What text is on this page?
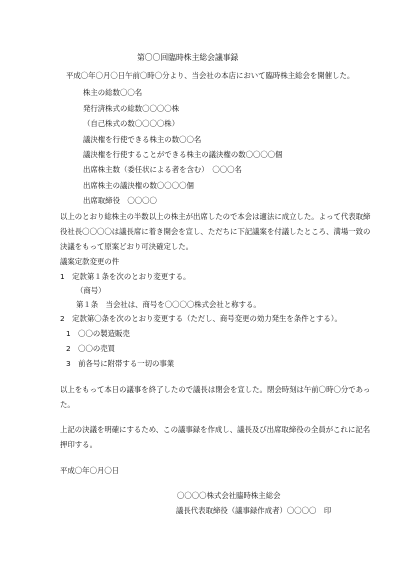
第〇〇回臨時株主総会議事録
平成〇年〇月〇日午前〇時〇分より、当会社の本店において臨時株主総会を開催した。
株主の総数〇〇名
発行済株式の総数〇〇〇〇株
（自己株式の数〇〇〇〇株）
議決権を行使できる株主の数〇〇名
議決権を行使することができる株主の議決権の数〇〇〇〇個
出席株主数（委任状による者を含む）　〇〇〇名
出席株主の議決権の数〇〇〇〇個
出席取締役　〇〇〇〇
以上のとおり総株主の半数以上の株主が出席したので本会は適法に成立した。よって代表取締
役社長〇〇〇〇は議長席に着き開会を宣し、ただちに下記議案を付議したところ、満場一致の
決議をもって原案どおり可決確定した。
議案定款変更の件
1　定款第１条を次のとおり変更する。
（商号）
第１条　当会社は、商号を〇〇〇〇株式会社と称する。
2　定款第〇条を次のとおり変更する（ただし、商号変更の効力発生を条件とする）。
1　〇〇の製造販売
2　〇〇の売買
3　前各号に附帯する一切の事業
以上をもって本日の議事を終了したので議長は閉会を宣した。閉会時刻は午前〇時〇分であっ
た。
上記の決議を明確にするため、この議事録を作成し、議長及び出席取締役の全員がこれに記名
押印する。
平成〇年〇月〇日
〇〇〇〇株式会社臨時株主総会
議長代表取締役（議事録作成者）〇〇〇〇　印
